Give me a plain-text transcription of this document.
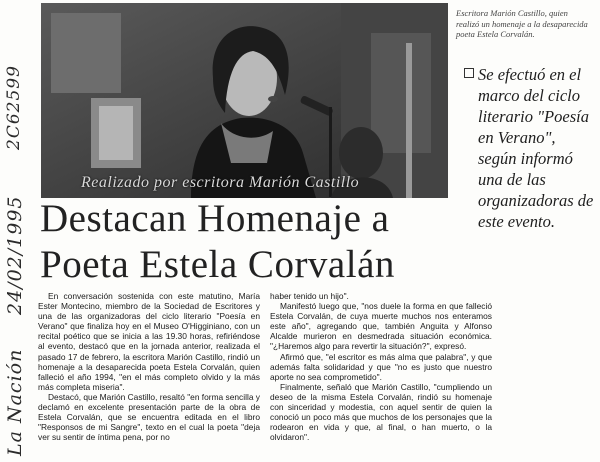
2C62599
24/02/1995
La Nación
Realizado por escritora Marión Castillo
Escritora Marión Castillo, quien realizó un homenaje a la desaparecida poeta Estela Corvalán.
Se efectuó en el marco del ciclo literario "Poesía en Verano", según informó una de las organizadoras de este evento.
Destacan Homenaje a
Poeta Estela Corvalán

En conversación sostenida con este matutino, María Ester Montecino, miembro de la Sociedad de Escritores y una de las organizadoras del ciclo literario "Poesía en Verano" que finaliza hoy en el Museo O'Higginiano, con un recital poético que se inicia a las 19.30 horas, refiriéndose al evento, destacó que en la jornada anterior, realizada el pasado 17 de febrero, la escritora Marión Castillo, rindió un homenaje a la desaparecida poeta Estela Corvalán, quien falleció el año 1994, "en el más completo olvido y la más más completa miseria".

Destacó, que Marión Castillo, resaltó "en forma sencilla y declamó en excelente presentación parte de la obra de Estela Corvalán, que se encuentra editada en el libro "Responsos de mi Sangre", texto en el cual la poeta "deja ver su sentir de íntima pena, por no

haber tenido un hijo".

Manifestó luego que, "nos duele la forma en que falleció Estela Corvalán, de cuya muerte muchos nos enteramos este año", agregando que, también Anguita y Alfonso Alcalde murieron en desmedrada situación económica. "¿Haremos algo para revertir la situación?", expresó.

Afirmó que, "el escritor es más alma que palabra", y que además falta solidaridad y que "no es justo que nuestro aporte no sea comprometido".

Finalmente, señaló que Marión Castillo, "cumpliendo un deseo de la misma Estela Corvalán, rindió su homenaje con sinceridad y modestia, con aquel sentir de quien la conoció un poco más que muchos de los personajes que la rodearon en vida y que, al final, o han muerto, o la olvidaron".
